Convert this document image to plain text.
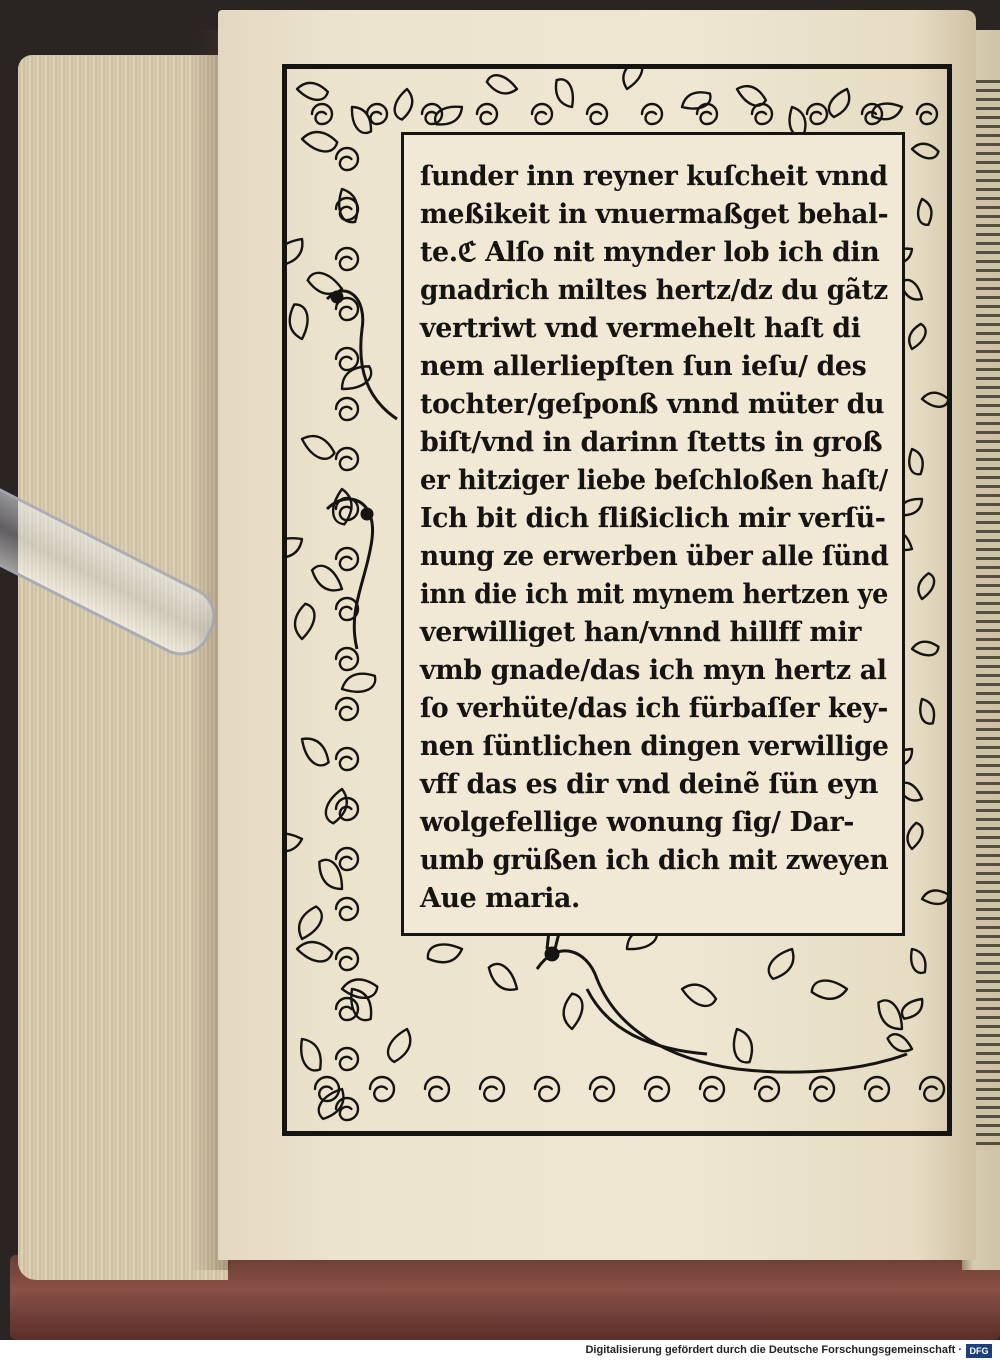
ſunder inn reyner kuſcheit vnnd
meßikeit in vnuermaßget behal-
te.ℭ Alſo nit mynder lob ich din
gnadrich miltes hertz/dz du gãtz
vertriwt vnd vermehelt haſt di
nem allerliepſten ſun ieſu/ des
tochter/geſponß vnnd müter du
biſt/vnd in darinn ſtetts in groß
er hitziger liebe beſchloßen haſt/
Ich bit dich flißiclich mir verſü-
nung ze erwerben über alle ſünd
inn die ich mit mynem hertzen ye
verwilliget han/vnnd hillff mir
vmb gnade/das ich myn hertz al
ſo verhüte/das ich fürbaſſer key-
nen ſüntlichen dingen verwillige
vff das es dir vnd deinẽ ſün eyn
wolgefellige wonung ſig/ Dar-
umb grüßen ich dich mit zweyen
Aue maria.
Digitalisierung gefördert durch die Deutsche Forschungsgemeinschaft · DFG
